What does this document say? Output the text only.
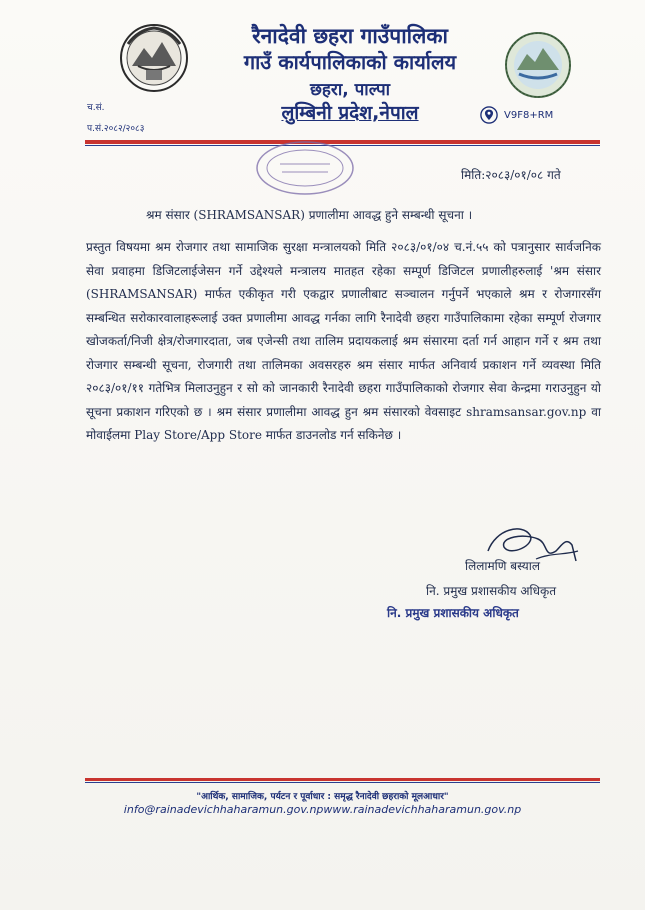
रैनादेवी छहरा गाउँपालिका
गाउँ कार्यपालिकाको कार्यालय
छहरा, पाल्पा
लुम्बिनी प्रदेश,नेपाल
च.सं.
प.सं.२०८२/२०८३
V9F8+RM
मिति:२०८३/०१/०८ गते
श्रम संसार (SHRAMSANSAR) प्रणालीमा आवद्ध हुने सम्बन्धी सूचना ।
प्रस्तुत विषयमा श्रम रोजगार तथा सामाजिक सुरक्षा मन्त्रालयको मिति २०८३/०१/०४ च.नं.५५ को पत्रानुसार सार्वजनिक सेवा प्रवाहमा डिजिटलाईजेसन गर्ने उद्देश्यले मन्त्रालय मातहत रहेका सम्पूर्ण डिजिटल प्रणालीहरुलाई 'श्रम संसार (SHRAMSANSAR) मार्फत एकीकृत गरी एकद्वार प्रणालीबाट सञ्चालन गर्नुपर्ने भएकाले श्रम र रोजगारसँग सम्बन्धित सरोकारवालाहरूलाई उक्त प्रणालीमा आवद्ध गर्नका लागि रैनादेवी छहरा गाउँपालिकामा रहेका सम्पूर्ण रोजगार खोजकर्ता/निजी क्षेत्र/रोजगारदाता, जब एजेन्सी तथा तालिम प्रदायकलाई श्रम संसारमा दर्ता गर्न आहान गर्ने र श्रम तथा रोजगार सम्बन्धी सूचना, रोजगारी तथा तालिमका अवसरहरु श्रम संसार मार्फत अनिवार्य प्रकाशन गर्ने व्यवस्था मिति २०८३/०१/११ गतेभित्र मिलाउनुहुन र सो को जानकारी रैनादेवी छहरा गाउँपालिकाको रोजगार सेवा केन्द्रमा गराउनुहुन यो सूचना प्रकाशन गरिएको छ । श्रम संसार प्रणालीमा आवद्ध हुन श्रम संसारको वेवसाइट shramsansar.gov.np वा मोवाईलमा Play Store/App Store मार्फत डाउनलोड गर्न सकिनेछ ।
लिलामणि बस्याल
नि. प्रमुख प्रशासकीय अधिकृत
नि. प्रमुख प्रशासकीय अधिकृत
"आर्थिक, सामाजिक, पर्यटन र पूर्वाधार : समृद्ध रैनादेवी छहराको मूलआधार"
info@rainadevichhaharamun.gov.npwww.rainadevichhaharamun.gov.np
